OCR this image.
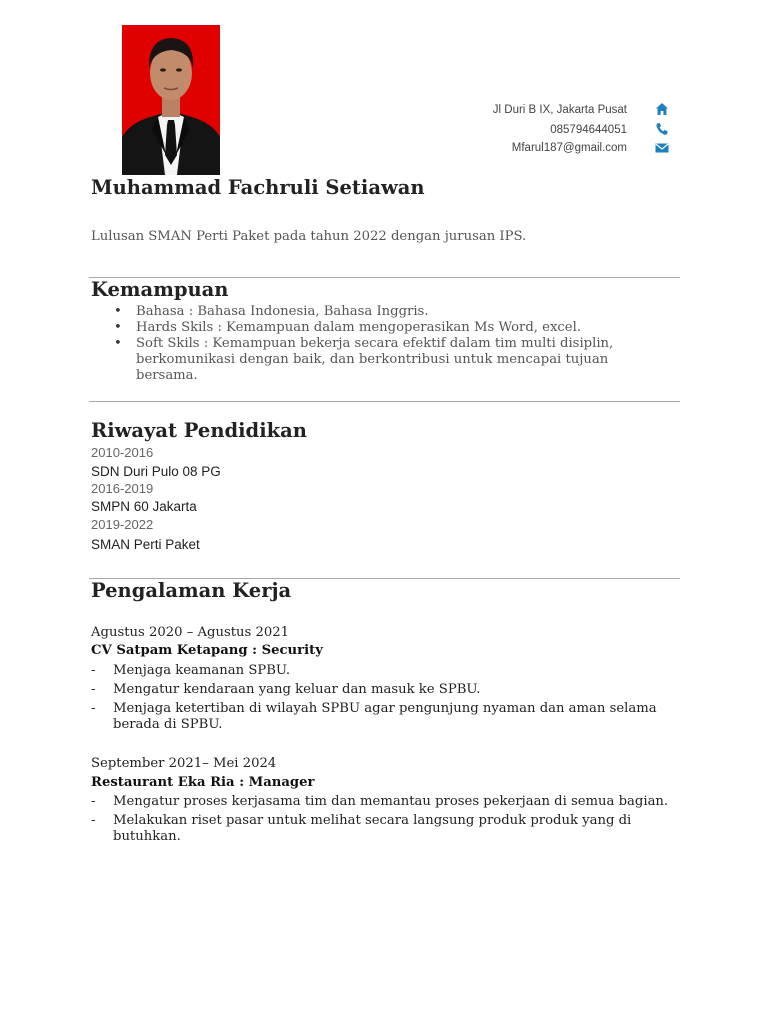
Jl Duri B IX, Jakarta Pusat
085794644051
Mfarul187@gmail.com
Muhammad Fachruli Setiawan
Lulusan SMAN Perti Paket pada tahun 2022 dengan jurusan IPS.
Kemampuan
• Bahasa : Bahasa Indonesia, Bahasa Inggris.
• Hards Skils : Kemampuan dalam mengoperasikan Ms Word, excel.
• Soft Skils : Kemampuan bekerja secara efektif dalam tim multi disiplin, berkomunikasi dengan baik, dan berkontribusi untuk mencapai tujuan bersama.
Riwayat Pendidikan
2010-2016
SDN Duri Pulo 08 PG
2016-2019
SMPN 60 Jakarta
2019-2022
SMAN Perti Paket
Pengalaman Kerja
Agustus 2020 – Agustus 2021
CV Satpam Ketapang : Security
- Menjaga keamanan SPBU.
- Mengatur kendaraan yang keluar dan masuk ke SPBU.
- Menjaga ketertiban di wilayah SPBU agar pengunjung nyaman dan aman selama berada di SPBU.
September 2021– Mei 2024
Restaurant Eka Ria : Manager
- Mengatur proses kerjasama tim dan memantau proses pekerjaan di semua bagian.
- Melakukan riset pasar untuk melihat secara langsung produk produk yang di butuhkan.
